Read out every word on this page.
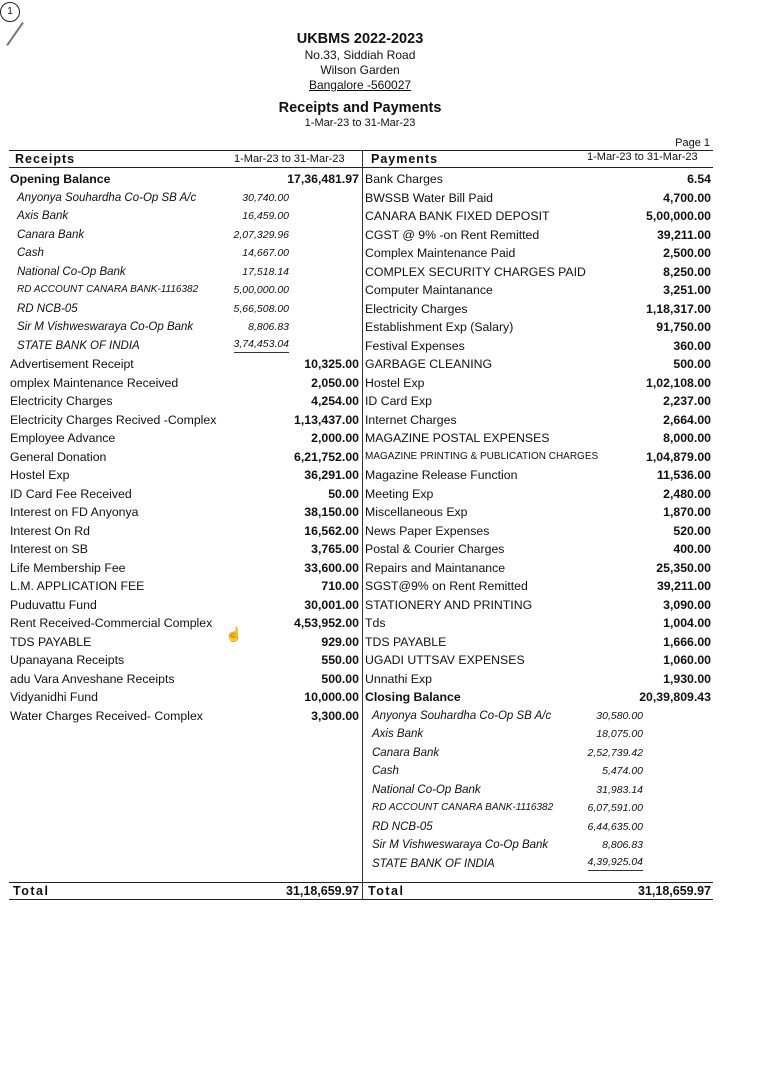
1
UKBMS 2022-2023
No.33, Siddiah Road
Wilson Garden
Bangalore -560027
Receipts and Payments
1-Mar-23 to 31-Mar-23
Page 1
Receipts	1-Mar-23 to 31-Mar-23 Payments	1-Mar-23 to 31-Mar-23
Opening Balance	17,36,481.97
Anyonya Souhardha Co-Op SB A/c	30,740.00
Axis Bank	16,459.00
Canara Bank	2,07,329.96
Cash	14,667.00
National Co-Op Bank	17,518.14
RD ACCOUNT CANARA BANK-1116382	5,00,000.00
RD NCB-05	5,66,508.00
Sir M Vishweswaraya Co-Op Bank	8,806.83
STATE BANK OF INDIA	3,74,453.04
Advertisement Receipt	10,325.00
omplex Maintenance Received	2,050.00
Electricity Charges	4,254.00
Electricity Charges Recived -Complex	1,13,437.00
Employee Advance	2,000.00
General Donation	6,21,752.00
Hostel Exp	36,291.00
ID Card Fee Received	50.00
Interest on FD Anyonya	38,150.00
Interest On Rd	16,562.00
Interest on SB	3,765.00
Life Membership Fee	33,600.00
L.M. APPLICATION FEE	710.00
Puduvattu Fund	30,001.00
Rent Received-Commercial Complex	4,53,952.00
TDS PAYABLE	929.00
Upanayana Receipts	550.00
adu Vara Anveshane Receipts	500.00
Vidyanidhi Fund	10,000.00
Water Charges Received- Complex	3,300.00
Bank Charges	6.54
BWSSB Water Bill Paid	4,700.00
CANARA BANK FIXED DEPOSIT	5,00,000.00
CGST @ 9% -on Rent Remitted	39,211.00
Complex Maintenance Paid	2,500.00
COMPLEX SECURITY CHARGES PAID	8,250.00
Computer Maintanance	3,251.00
Electricity Charges	1,18,317.00
Establishment Exp (Salary)	91,750.00
Festival Expenses	360.00
GARBAGE CLEANING	500.00
Hostel Exp	1,02,108.00
ID Card Exp	2,237.00
Internet Charges	2,664.00
MAGAZINE POSTAL EXPENSES	8,000.00
MAGAZINE PRINTING & PUBLICATION CHARGES	1,04,879.00
Magazine Release Function	11,536.00
Meeting Exp	2,480.00
Miscellaneous Exp	1,870.00
News Paper Expenses	520.00
Postal & Courier Charges	400.00
Repairs and Maintanance	25,350.00
SGST@9% on Rent Remitted	39,211.00
STATIONERY AND PRINTING	3,090.00
Tds	1,004.00
TDS PAYABLE	1,666.00
UGADI UTTSAV EXPENSES	1,060.00
Unnathi Exp	1,930.00
Closing Balance	20,39,809.43
Anyonya Souhardha Co-Op SB A/c	30,580.00
Axis Bank	18,075.00
Canara Bank	2,52,739.42
Cash	5,474.00
National Co-Op Bank	31,983.14
RD ACCOUNT CANARA BANK-1116382	6,07,591.00
RD NCB-05	6,44,635.00
Sir M Vishweswaraya Co-Op Bank	8,806.83
STATE BANK OF INDIA	4,39,925.04
Total	31,18,659.97 Total	31,18,659.97
☝
